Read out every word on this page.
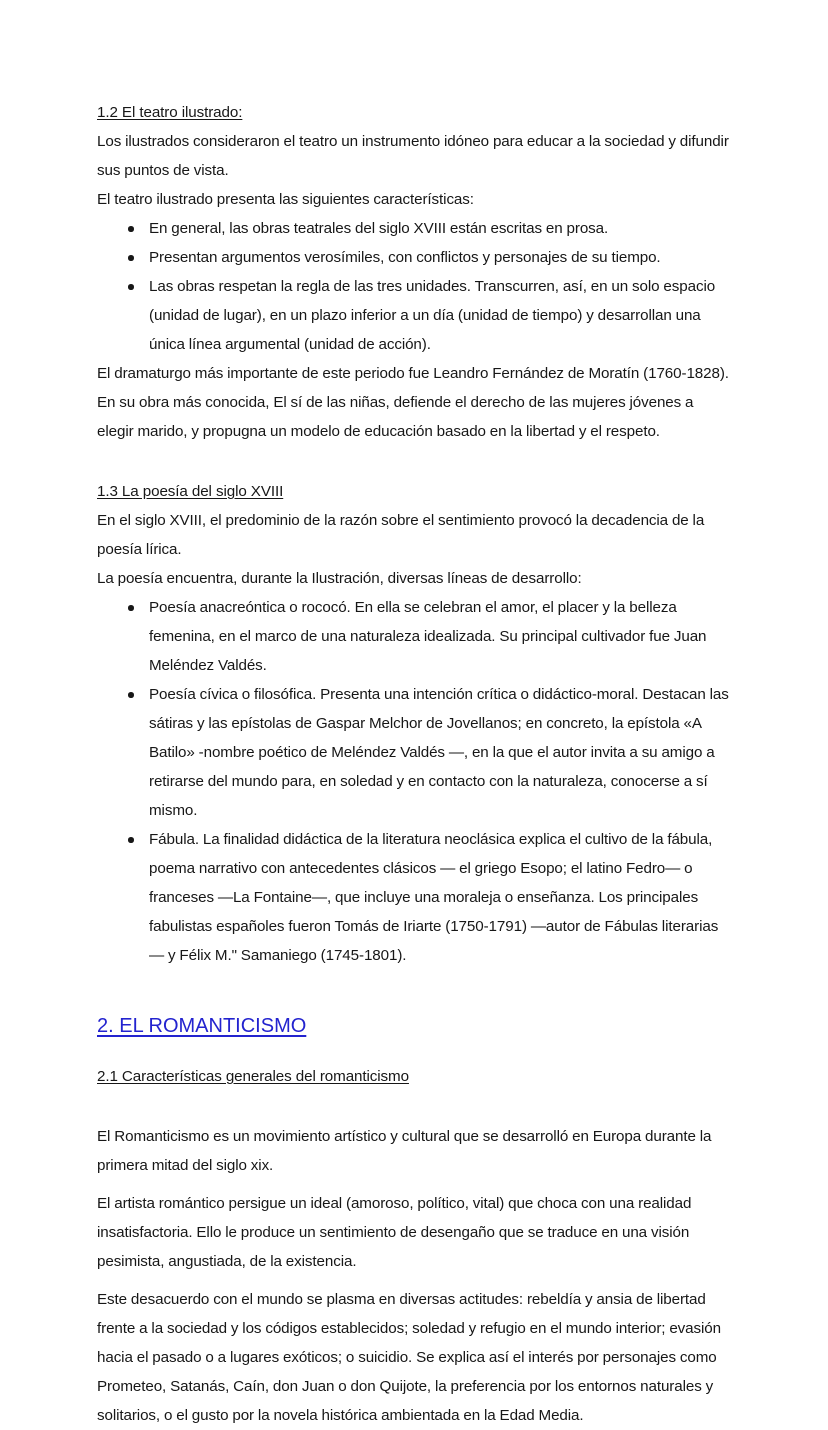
1.2 El teatro ilustrado:

Los ilustrados consideraron el teatro un instrumento idóneo para educar a la sociedad y difundir sus puntos de vista.

El teatro ilustrado presenta las siguientes características:

En general, las obras teatrales del siglo XVIII están escritas en prosa.
Presentan argumentos verosímiles, con conflictos y personajes de su tiempo.
Las obras respetan la regla de las tres unidades. Transcurren, así, en un solo espacio (unidad de lugar), en un plazo inferior a un día (unidad de tiempo) y desarrollan una única línea argumental (unidad de acción).

El dramaturgo más importante de este periodo fue Leandro Fernández de Moratín (1760-1828). En su obra más conocida, El sí de las niñas, defiende el derecho de las mujeres jóvenes a elegir marido, y propugna un modelo de educación basado en la libertad y el respeto.

1.3 La poesía del siglo XVIII

En el siglo XVIII, el predominio de la razón sobre el sentimiento provocó la decadencia de la poesía lírica.

La poesía encuentra, durante la Ilustración, diversas líneas de desarrollo:

Poesía anacreóntica o rococó. En ella se celebran el amor, el placer y la belleza femenina, en el marco de una naturaleza idealizada. Su principal cultivador fue Juan Meléndez Valdés.
Poesía cívica o filosófica. Presenta una intención crítica o didáctico-moral. Destacan las sátiras y las epístolas de Gaspar Melchor de Jovellanos; en concreto, la epístola «A Batilo» -nombre poético de Meléndez Valdés —, en la que el autor invita a su amigo a retirarse del mundo para, en soledad y en contacto con la naturaleza, conocerse a sí mismo.
Fábula. La finalidad didáctica de la literatura neoclásica explica el cultivo de la fábula, poema narrativo con antecedentes clásicos — el griego Esopo; el latino Fedro— o franceses —La Fontaine—, que incluye una moraleja o enseñanza. Los principales fabulistas españoles fueron Tomás de Iriarte (1750-1791) —autor de Fábulas literarias — y Félix M." Samaniego (1745-1801).
2. EL ROMANTICISMO
2.1 Características generales del romanticismo

El Romanticismo es un movimiento artístico y cultural que se desarrolló en Europa durante la primera mitad del siglo xix.

El artista romántico persigue un ideal (amoroso, político, vital) que choca con una realidad insatisfactoria. Ello le produce un sentimiento de desengaño que se traduce en una visión pesimista, angustiada, de la existencia.

Este desacuerdo con el mundo se plasma en diversas actitudes: rebeldía y ansia de libertad frente a la sociedad y los códigos establecidos; soledad y refugio en el mundo interior; evasión hacia el pasado o a lugares exóticos; o suicidio. Se explica así el interés por personajes como Prometeo, Satanás, Caín, don Juan o don Quijote, la preferencia por los entornos naturales y solitarios, o el gusto por la novela histórica ambientada en la Edad Media.
